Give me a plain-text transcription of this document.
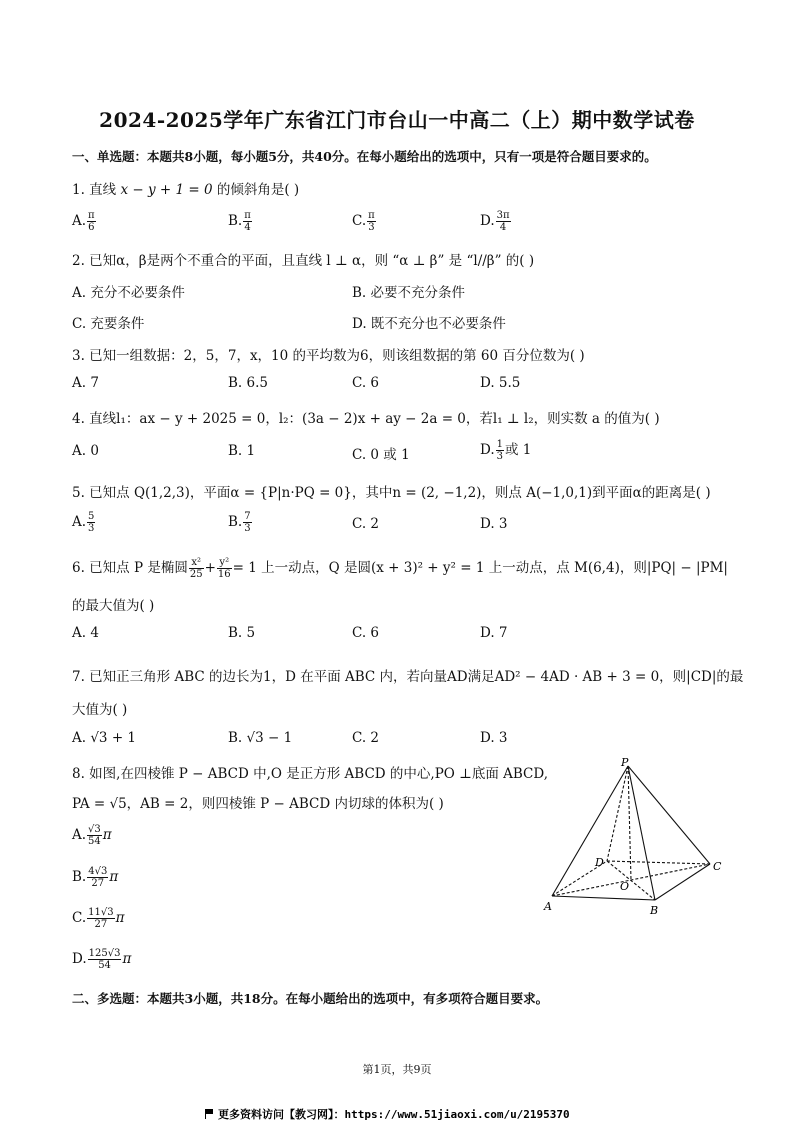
2024-2025学年广东省江门市台山一中高二（上）期中数学试卷
一、单选题：本题共8小题，每小题5分，共40分。在每小题给出的选项中，只有一项是符合题目要求的。
1. 直线 x − y + 1 = 0 的倾斜角是( )
A. $\frac{\pi}{6}$	B. $\frac{\pi}{4}$	C. $\frac{\pi}{3}$	D. $\frac{3\pi}{4}$
2. 已知α，β是两个不重合的平面，且直线 l ⊥ α，则 “α ⊥ β” 是 “l//β” 的( )
A. 充分不必要条件	B. 必要不充分条件
C. 充要条件	D. 既不充分也不必要条件
3. 已知一组数据：2，5，7，x，10 的平均数为6，则该组数据的第 60 百分位数为( )
A. 7	B. 6.5	C. 6	D. 5.5
4. 直线l₁：ax − y + 2025 = 0，l₂：(3a − 2)x + ay − 2a = 0，若l₁ ⊥ l₂，则实数 a 的值为( )
A. 0	B. 1	C. 0 或 1	D. $\frac{1}{3}$ 或 1
5. 已知点 Q(1,2,3)，平面α = {P|n·PQ = 0}，其中n = (2, −1,2)，则点 A(−1,0,1)到平面α的距离是( )
A. $\frac{5}{3}$	B. $\frac{7}{3}$	C. 2	D. 3
6. 已知点 P 是椭圆 $\frac{\text{x²}}{25} + \frac{\text{y²}}{16} = 1$ 上一动点，Q 是圆(x + 3)² + y² = 1 上一动点，点 M(6,4)，则|PQ| − |PM|
的最大值为( )
A. 4	B. 5	C. 6	D. 7
7. 已知正三角形 ABC 的边长为1，D 在平面 ABC 内，若向量AD满足AD² − 4AD · AB + 3 = 0，则|CD|的最
大值为( )
A. √3 + 1	B. √3 − 1	C. 2	D. 3
8. 如图,在四棱锥 P − ABCD 中,O 是正方形 ABCD 的中心,PO ⊥底面 ABCD,
PA = √5，AB = 2，则四棱锥 P − ABCD 内切球的体积为( )
A. $\frac{√3}{54}$ π
B. $\frac{4√3}{27}$ π
C. $\frac{11√3}{27}$ π
D. $\frac{125√3}{54}$ π
P
A	B
C
D
O
二、多选题：本题共3小题，共18分。在每小题给出的选项中，有多项符合题目要求。
第1页，共9页
更多资料访问【教习网】：https://www.51jiaoxi.com/u/2195370
